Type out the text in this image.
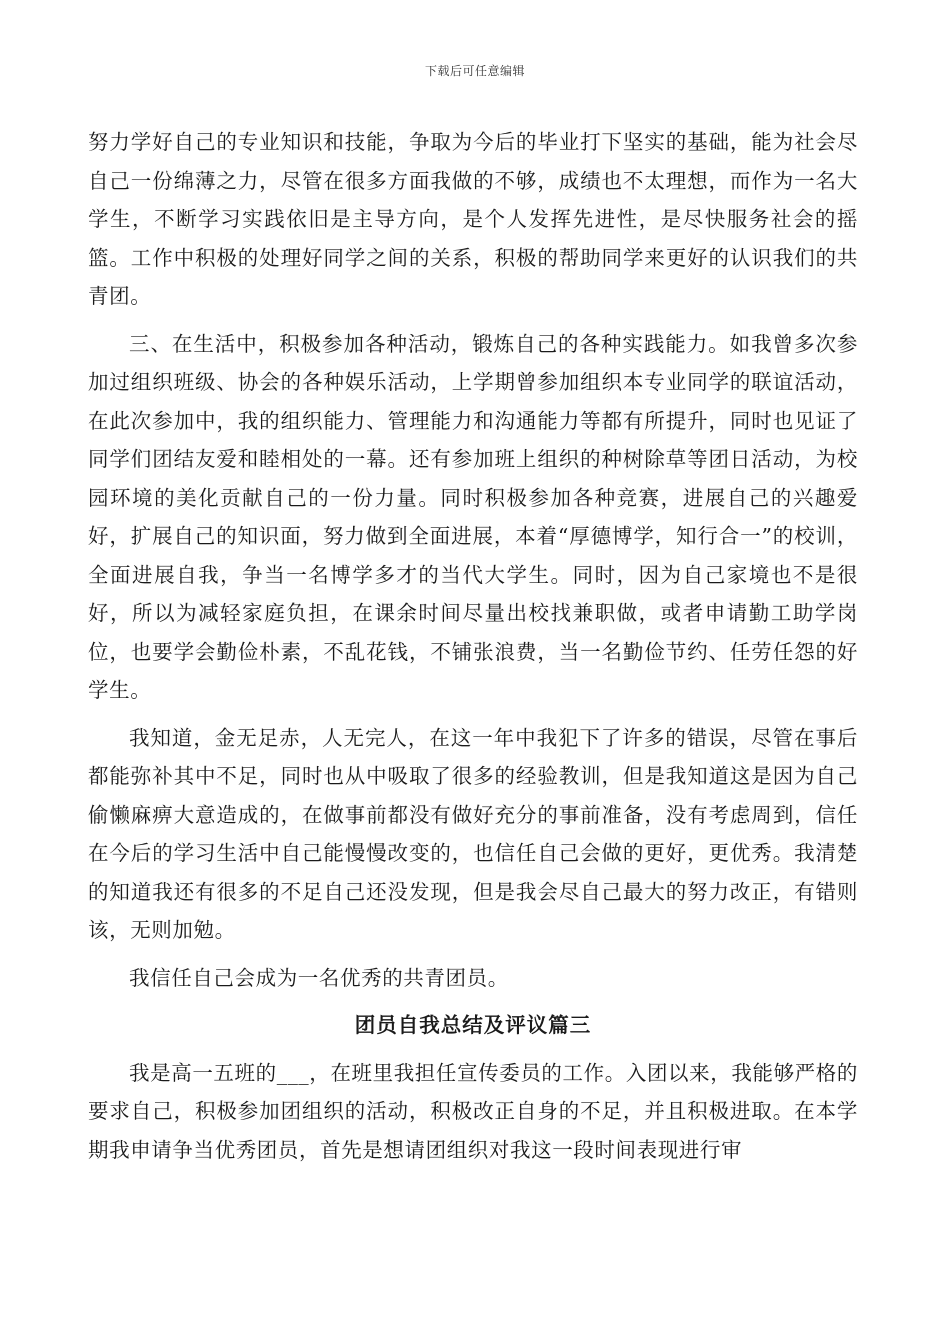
下载后可任意编辑

努力学好自己的专业知识和技能，争取为今后的毕业打下坚实的基础，能为社会尽自己一份绵薄之力，尽管在很多方面我做的不够，成绩也不太理想，而作为一名大学生，不断学习实践依旧是主导方向，是个人发挥先进性，是尽快服务社会的摇篮。工作中积极的处理好同学之间的关系，积极的帮助同学来更好的认识我们的共青团。

三、在生活中，积极参加各种活动，锻炼自己的各种实践能力。如我曾多次参加过组织班级、协会的各种娱乐活动，上学期曾参加组织本专业同学的联谊活动，在此次参加中，我的组织能力、管理能力和沟通能力等都有所提升，同时也见证了同学们团结友爱和睦相处的一幕。还有参加班上组织的种树除草等团日活动，为校园环境的美化贡献自己的一份力量。同时积极参加各种竞赛，进展自己的兴趣爱好，扩展自己的知识面，努力做到全面进展，本着“厚德博学，知行合一”的校训，全面进展自我，争当一名博学多才的当代大学生。同时，因为自己家境也不是很好，所以为减轻家庭负担，在课余时间尽量出校找兼职做，或者申请勤工助学岗位，也要学会勤俭朴素，不乱花钱，不铺张浪费，当一名勤俭节约、任劳任怨的好学生。

我知道，金无足赤，人无完人，在这一年中我犯下了许多的错误，尽管在事后都能弥补其中不足，同时也从中吸取了很多的经验教训，但是我知道这是因为自己偷懒麻痹大意造成的，在做事前都没有做好充分的事前准备，没有考虑周到，信任在今后的学习生活中自己能慢慢改变的，也信任自己会做的更好，更优秀。我清楚的知道我还有很多的不足自己还没发现，但是我会尽自己最大的努力改正，有错则该，无则加勉。

我信任自己会成为一名优秀的共青团员。

团员自我总结及评议篇三

我是高一五班的___，在班里我担任宣传委员的工作。入团以来，我能够严格的要求自己，积极参加团组织的活动，积极改正自身的不足，并且积极进取。在本学期我申请争当优秀团员，首先是想请团组织对我这一段时间表现进行审
